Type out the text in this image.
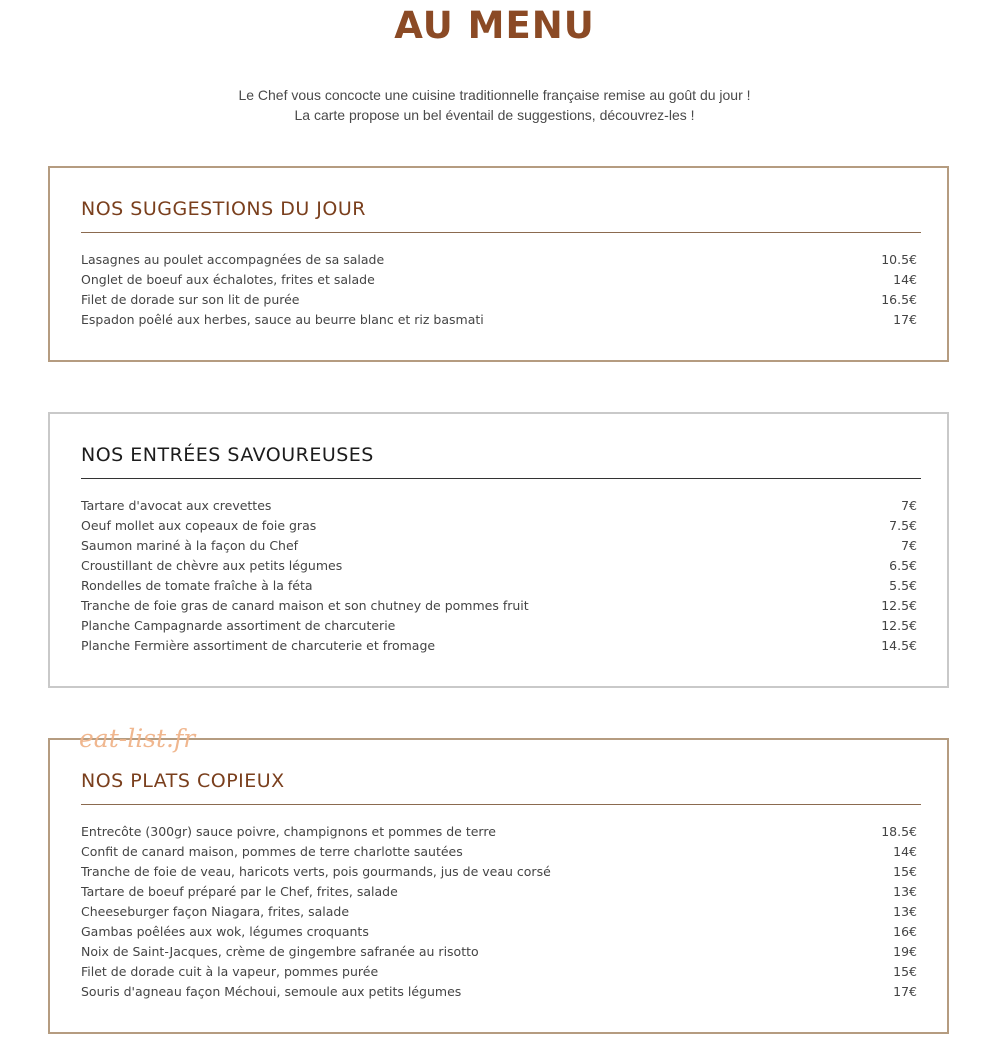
AU MENU
Le Chef vous concocte une cuisine traditionnelle française remise au goût du jour !
La carte propose un bel éventail de suggestions, découvrez-les !
NOS SUGGESTIONS DU JOUR
Lasagnes au poulet accompagnées de sa salade	10.5€
Onglet de boeuf aux échalotes, frites et salade	14€
Filet de dorade sur son lit de purée	16.5€
Espadon poêlé aux herbes, sauce au beurre blanc et riz basmati	17€
NOS ENTRÉES SAVOUREUSES
Tartare d'avocat aux crevettes	7€
Oeuf mollet aux copeaux de foie gras	7.5€
Saumon mariné à la façon du Chef	7€
Croustillant de chèvre aux petits légumes	6.5€
Rondelles de tomate fraîche à la féta	5.5€
Tranche de foie gras de canard maison et son chutney de pommes fruit	12.5€
Planche Campagnarde assortiment de charcuterie	12.5€
Planche Fermière assortiment de charcuterie et fromage	14.5€
NOS PLATS COPIEUX
Entrecôte (300gr) sauce poivre, champignons et pommes de terre	18.5€
Confit de canard maison, pommes de terre charlotte sautées	14€
Tranche de foie de veau, haricots verts, pois gourmands, jus de veau corsé	15€
Tartare de boeuf préparé par le Chef, frites, salade	13€
Cheeseburger façon Niagara, frites, salade	13€
Gambas poêlées aux wok, légumes croquants	16€
Noix de Saint-Jacques, crème de gingembre safranée au risotto	19€
Filet de dorade cuit à la vapeur, pommes purée	15€
Souris d'agneau façon Méchoui, semoule aux petits légumes	17€
eat-list.fr
